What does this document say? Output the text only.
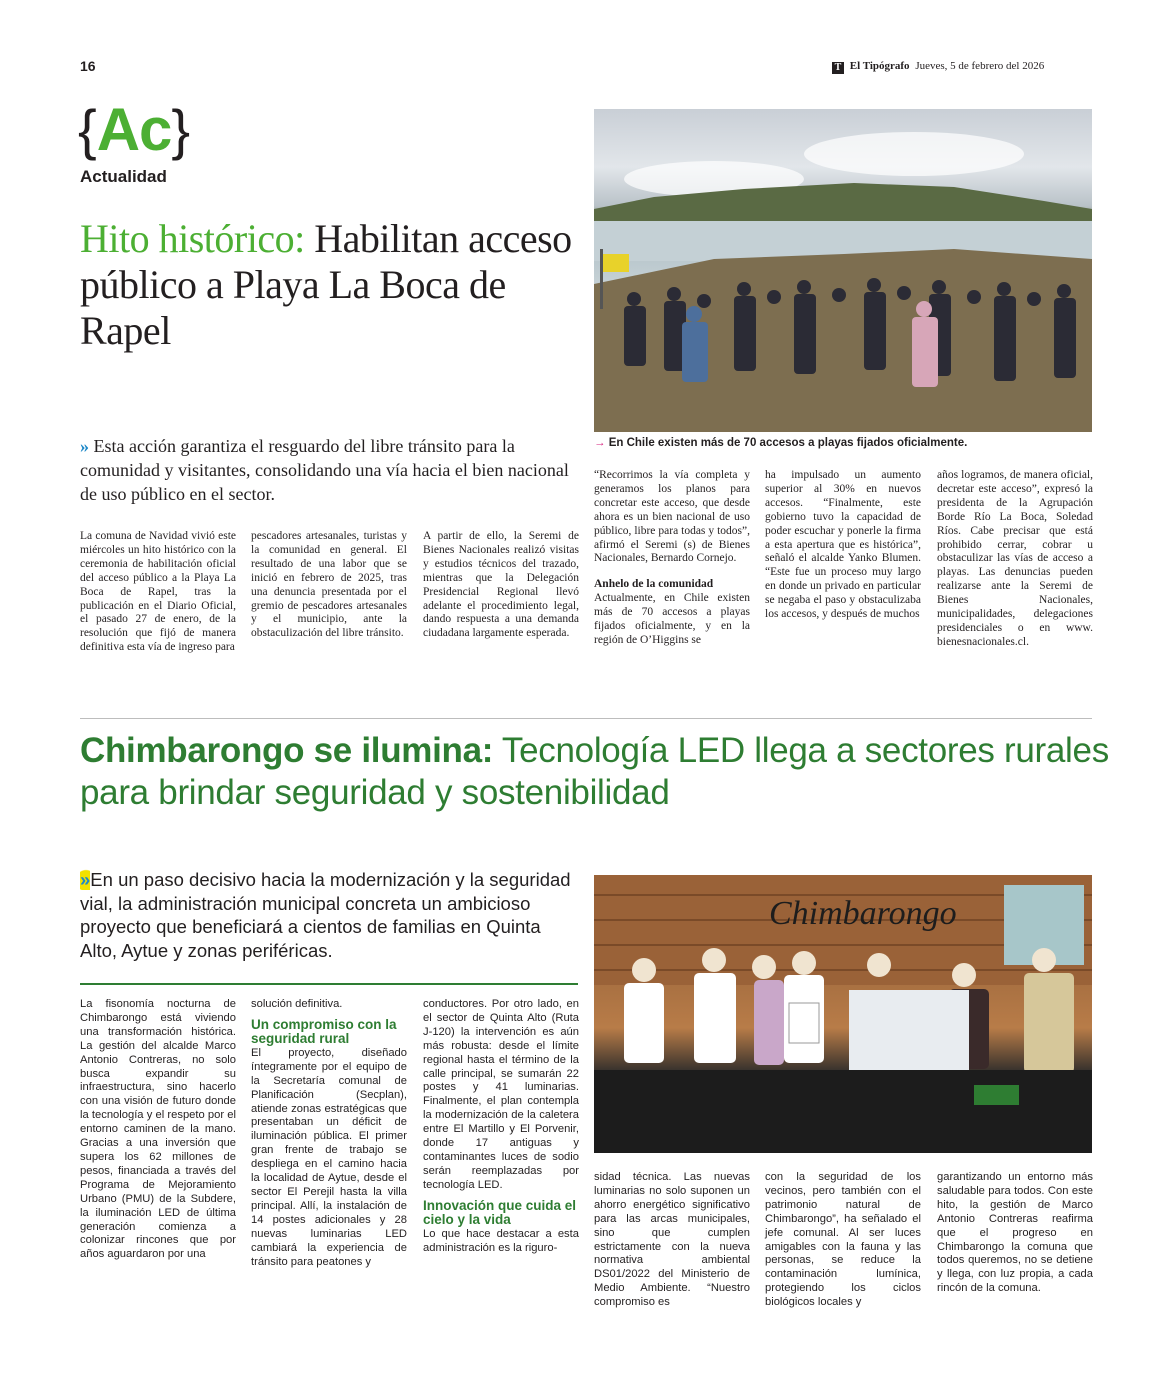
16	T El Tipógrafo Jueves, 5 de febrero del 2026
{Ac}
Actualidad
Hito histórico: Habilitan acceso público a Playa La Boca de Rapel
→ En Chile existen más de 70 accesos a playas fijados oficialmente.
» Esta acción garantiza el resguardo del libre tránsito para la comunidad y visitantes, consolidando una vía hacia el bien nacional de uso público en el sector.

La comuna de Navidad vivió este miércoles un hito histórico con la ceremonia de habilitación oficial del acceso público a la Playa La Boca de Rapel, tras la publicación en el Diario Oficial, el pasado 27 de enero, de la resolución que fijó de manera definitiva esta vía de ingreso para

pescadores artesanales, turistas y la comunidad en general. El resultado de una labor que se inició en febrero de 2025, tras una denuncia presentada por el gremio de pescadores artesanales y el municipio, ante la obstaculización del libre tránsito.

A partir de ello, la Seremi de Bienes Nacionales realizó visitas y estudios técnicos del trazado, mientras que la Delegación Presidencial Regional llevó adelante el procedimiento legal, dando respuesta a una demanda ciudadana largamente esperada.

“Recorrimos la vía completa y generamos los planos para concretar este acceso, que desde ahora es un bien nacional de uso público, libre para todas y todos”, afirmó el Seremi (s) de Bienes Nacionales, Bernardo Cornejo.

Anhelo de la comunidad

Actualmente, en Chile existen más de 70 accesos a playas fijados oficialmente, y en la región de O’Higgins se

ha impulsado un aumento superior al 30% en nuevos accesos. “Finalmente, este gobierno tuvo la capacidad de poder escuchar y ponerle la firma a esta apertura que es histórica”, señaló el alcalde Yanko Blumen. “Este fue un proceso muy largo en donde un privado en particular se negaba el paso y obstaculizaba los accesos, y después de muchos

años logramos, de manera oficial, decretar este acceso”, expresó la presidenta de la Agrupación Borde Río La Boca, Soledad Ríos. Cabe precisar que está prohibido cerrar, cobrar u obstaculizar las vías de acceso a playas. Las denuncias pueden realizarse ante la Seremi de Bienes Nacionales, municipalidades, delegaciones presidenciales o en www. bienesnacionales.cl.

Chimbarongo se ilumina: Tecnología LED llega a sectores rurales para brindar seguridad y sostenibilidad
»En un paso decisivo hacia la modernización y la seguridad vial, la administración municipal concreta un ambicioso proyecto que beneficiará a cientos de familias en Quinta Alto, Aytue y zonas periféricas.
Chimbarongo

La fisonomía nocturna de Chimbarongo está viviendo una transformación histórica. La gestión del alcalde Marco Antonio Contreras, no solo busca expandir su infraestructura, sino hacerlo con una visión de futuro donde la tecnología y el respeto por el entorno caminen de la mano. Gracias a una inversión que supera los 62 millones de pesos, financiada a través del Programa de Mejoramiento Urbano (PMU) de la Subdere, la iluminación LED de última generación comienza a colonizar rincones que por años aguardaron por una

solución definitiva.

Un compromiso con la seguridad rural

El proyecto, diseñado íntegramente por el equipo de la Secretaría comunal de Planificación (Secplan), atiende zonas estratégicas que presentaban un déficit de iluminación pública. El primer gran frente de trabajo se despliega en el camino hacia la localidad de Aytue, desde el sector El Perejil hasta la villa principal. Allí, la instalación de 14 postes adicionales y 28 nuevas luminarias LED cambiará la experiencia de tránsito para peatones y

conductores. Por otro lado, en el sector de Quinta Alto (Ruta J-120) la intervención es aún más robusta: desde el límite regional hasta el término de la calle principal, se sumarán 22 postes y 41 luminarias. Finalmente, el plan contempla la modernización de la caletera entre El Martillo y El Porvenir, donde 17 antiguas y contaminantes luces de sodio serán reemplazadas por tecnología LED.

Innovación que cuida el cielo y la vida

Lo que hace destacar a esta administración es la riguro-

sidad técnica. Las nuevas luminarias no solo suponen un ahorro energético significativo para las arcas municipales, sino que cumplen estrictamente con la nueva normativa ambiental DS01/2022 del Ministerio de Medio Ambiente. “Nuestro compromiso es

con la seguridad de los vecinos, pero también con el patrimonio natural de Chimbarongo”, ha señalado el jefe comunal. Al ser luces amigables con la fauna y las personas, se reduce la contaminación lumínica, protegiendo los ciclos biológicos locales y

garantizando un entorno más saludable para todos. Con este hito, la gestión de Marco Antonio Contreras reafirma que el progreso en Chimbarongo la comuna que todos queremos, no se detiene y llega, con luz propia, a cada rincón de la comuna.
